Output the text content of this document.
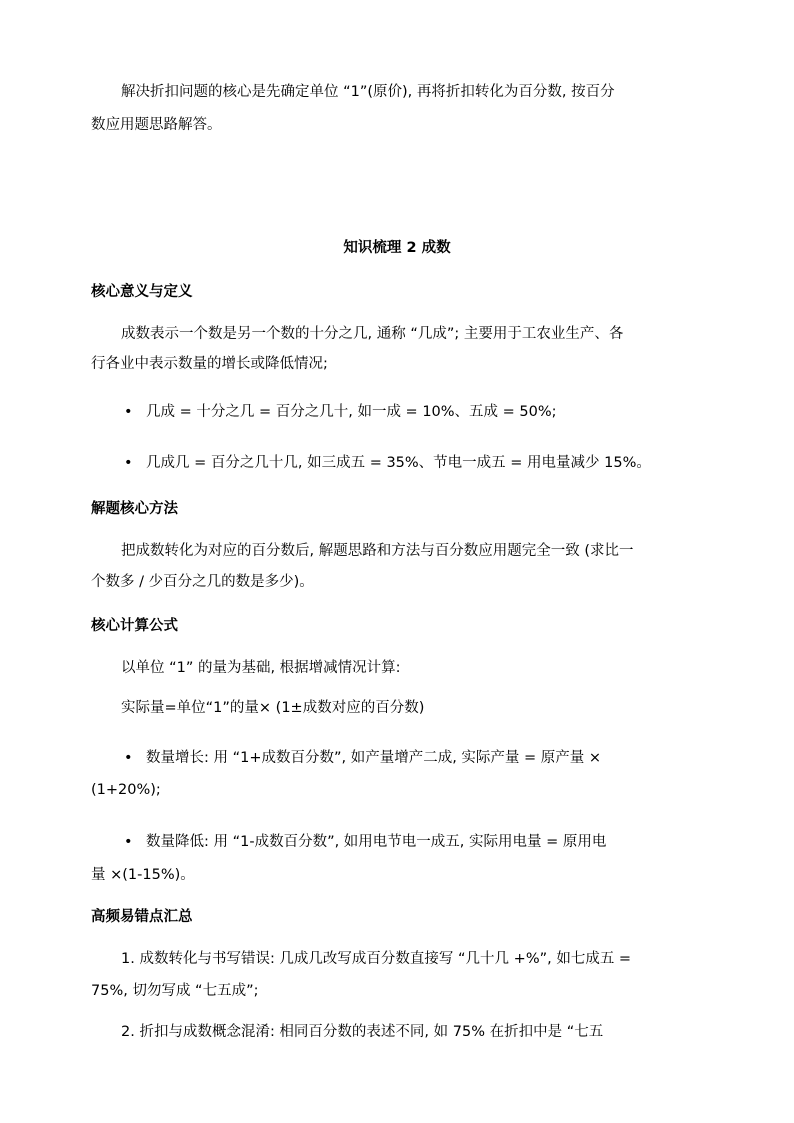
解决折扣问题的核心是先确定单位 “1”(原价), 再将折扣转化为百分数, 按百分
数应用题思路解答。
知识梳理 2 成数
核心意义与定义
成数表示一个数是另一个数的十分之几, 通称 “几成”; 主要用于工农业生产、各
行各业中表示数量的增长或降低情况;
• 几成 = 十分之几 = 百分之几十, 如一成 = 10%、五成 = 50%;
• 几成几 = 百分之几十几, 如三成五 = 35%、节电一成五 = 用电量减少 15%。
解题核心方法
把成数转化为对应的百分数后, 解题思路和方法与百分数应用题完全一致 (求比一
个数多 / 少百分之几的数是多少)。
核心计算公式
以单位 “1” 的量为基础, 根据增减情况计算:
实际量=单位“1”的量× (1±成数对应的百分数)
• 数量增长: 用 “1+成数百分数”, 如产量增产二成, 实际产量 = 原产量 ×
(1+20%);
• 数量降低: 用 “1-成数百分数”, 如用电节电一成五, 实际用电量 = 原用电
量 ×(1-15%)。
高频易错点汇总
1. 成数转化与书写错误: 几成几改写成百分数直接写 “几十几 +%”, 如七成五 =
75%, 切勿写成 “七五成”;
2. 折扣与成数概念混淆: 相同百分数的表述不同, 如 75% 在折扣中是 “七五
